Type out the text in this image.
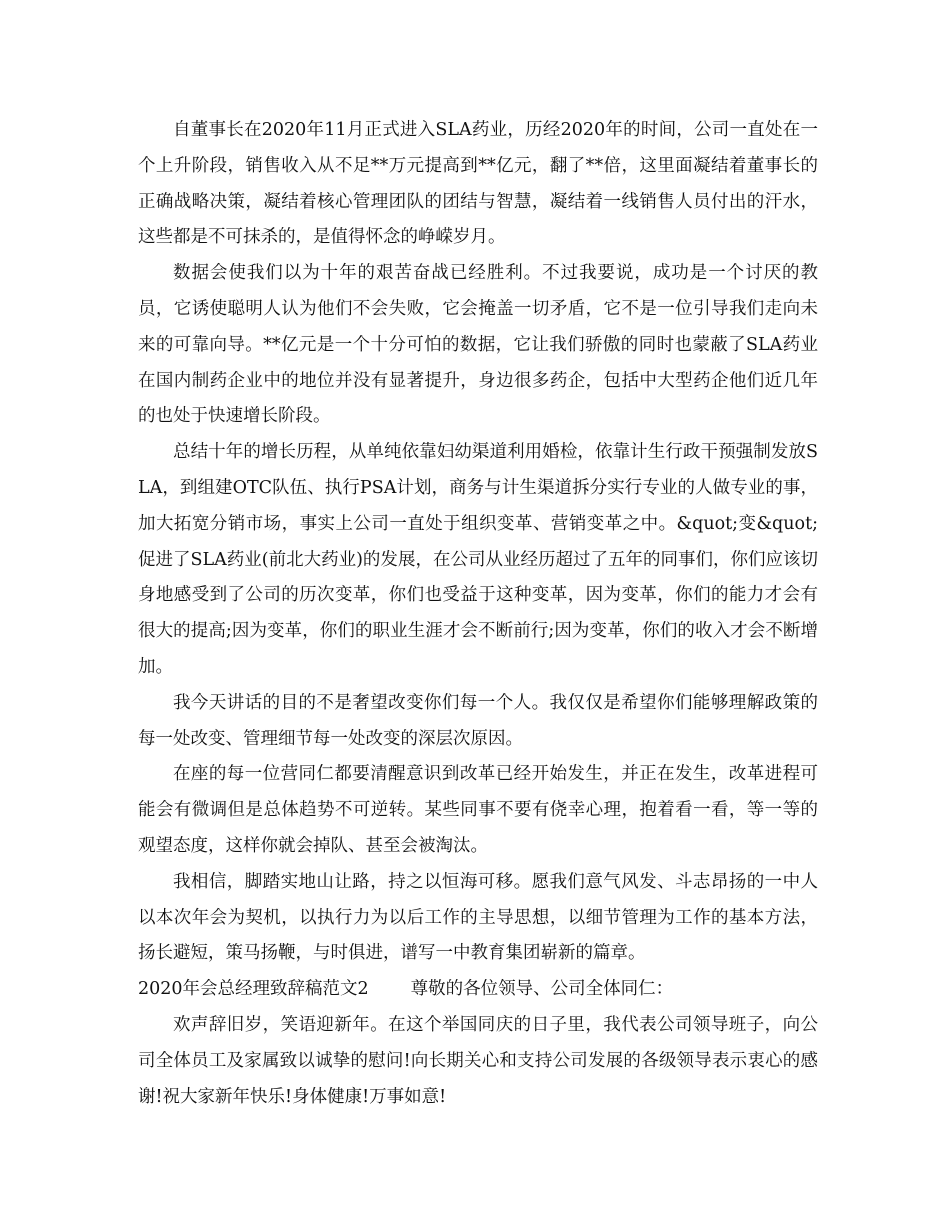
自董事长在2020年11月正式进入SLA药业，历经2020年的时间，公司一直处在一个上升阶段，销售收入从不足**万元提高到**亿元，翻了**倍，这里面凝结着董事长的正确战略决策，凝结着核心管理团队的团结与智慧，凝结着一线销售人员付出的汗水，这些都是不可抹杀的，是值得怀念的峥嵘岁月。

数据会使我们以为十年的艰苦奋战已经胜利。不过我要说，成功是一个讨厌的教员，它诱使聪明人认为他们不会失败，它会掩盖一切矛盾，它不是一位引导我们走向未来的可靠向导。**亿元是一个十分可怕的数据，它让我们骄傲的同时也蒙蔽了SLA药业在国内制药企业中的地位并没有显著提升，身边很多药企，包括中大型药企他们近几年的也处于快速增长阶段。

总结十年的增长历程，从单纯依靠妇幼渠道利用婚检，依靠计生行政干预强制发放SLA，到组建OTC队伍、执行PSA计划，商务与计生渠道拆分实行专业的人做专业的事，加大拓宽分销市场，事实上公司一直处于组织变革、营销变革之中。&quot;变&quot;促进了SLA药业(前北大药业)的发展，在公司从业经历超过了五年的同事们，你们应该切身地感受到了公司的历次变革，你们也受益于这种变革，因为变革，你们的能力才会有很大的提高;因为变革，你们的职业生涯才会不断前行;因为变革，你们的收入才会不断增加。

我今天讲话的目的不是奢望改变你们每一个人。我仅仅是希望你们能够理解政策的每一处改变、管理细节每一处改变的深层次原因。

在座的每一位营同仁都要清醒意识到改革已经开始发生，并正在发生，改革进程可能会有微调但是总体趋势不可逆转。某些同事不要有侥幸心理，抱着看一看，等一等的观望态度，这样你就会掉队、甚至会被淘汰。

我相信，脚踏实地山让路，持之以恒海可移。愿我们意气风发、斗志昂扬的一中人以本次年会为契机，以执行力为以后工作的主导思想，以细节管理为工作的基本方法，扬长避短，策马扬鞭，与时俱进，谱写一中教育集团崭新的篇章。

2020年会总经理致辞稿范文2 尊敬的各位领导、公司全体同仁：

欢声辞旧岁，笑语迎新年。在这个举国同庆的日子里，我代表公司领导班子，向公司全体员工及家属致以诚挚的慰问!向长期关心和支持公司发展的各级领导表示衷心的感谢!祝大家新年快乐!身体健康!万事如意!
